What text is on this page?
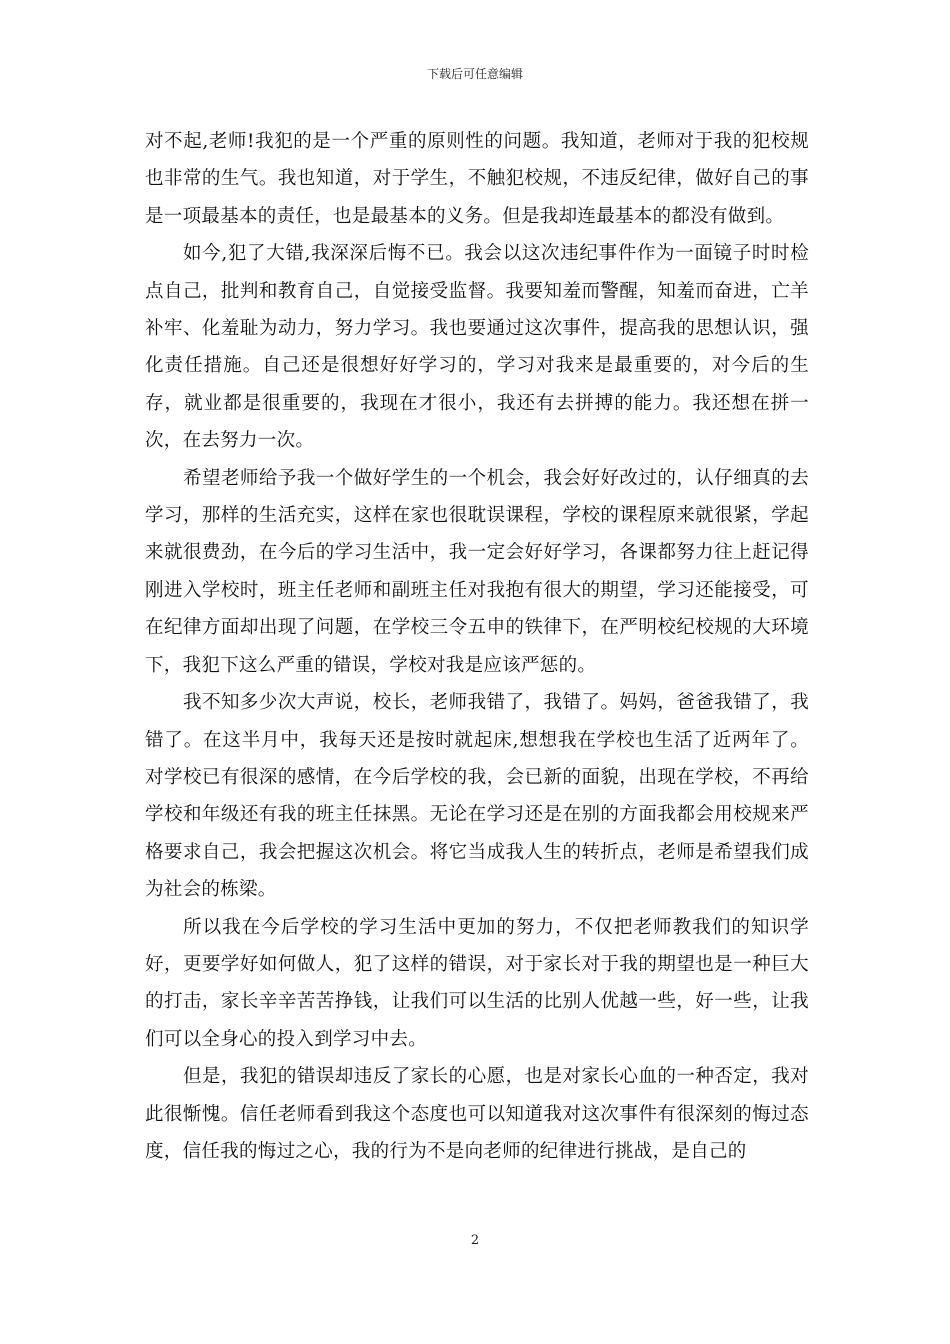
下载后可任意编辑

对不起,老师!我犯的是一个严重的原则性的问题。我知道，老师对于我的犯校规也非常的生气。我也知道，对于学生，不触犯校规，不违反纪律，做好自己的事是一项最基本的责任，也是最基本的义务。但是我却连最基本的都没有做到。

如今,犯了大错,我深深后悔不已。我会以这次违纪事件作为一面镜子时时检点自己，批判和教育自己，自觉接受监督。我要知羞而警醒，知羞而奋进，亡羊补牢、化羞耻为动力，努力学习。我也要通过这次事件，提高我的思想认识，强化责任措施。自己还是很想好好学习的，学习对我来是最重要的，对今后的生存，就业都是很重要的，我现在才很小，我还有去拼搏的能力。我还想在拼一次，在去努力一次。

希望老师给予我一个做好学生的一个机会，我会好好改过的，认仔细真的去学习，那样的生活充实，这样在家也很耽误课程，学校的课程原来就很紧，学起来就很费劲，在今后的学习生活中，我一定会好好学习，各课都努力往上赶记得刚进入学校时，班主任老师和副班主任对我抱有很大的期望，学习还能接受，可在纪律方面却出现了问题，在学校三令五申的铁律下，在严明校纪校规的大环境下，我犯下这么严重的错误，学校对我是应该严惩的。

我不知多少次大声说，校长，老师我错了，我错了。妈妈，爸爸我错了，我错了。在这半月中，我每天还是按时就起床,想想我在学校也生活了近两年了。对学校已有很深的感情，在今后学校的我，会已新的面貌，出现在学校，不再给学校和年级还有我的班主任抹黑。无论在学习还是在别的方面我都会用校规来严格要求自己，我会把握这次机会。将它当成我人生的转折点，老师是希望我们成为社会的栋梁。

所以我在今后学校的学习生活中更加的努力，不仅把老师教我们的知识学好，更要学好如何做人，犯了这样的错误，对于家长对于我的期望也是一种巨大的打击，家长辛辛苦苦挣钱，让我们可以生活的比别人优越一些，好一些，让我们可以全身心的投入到学习中去。

但是，我犯的错误却违反了家长的心愿，也是对家长心血的一种否定，我对此很惭愧。信任老师看到我这个态度也可以知道我对这次事件有很深刻的悔过态度，信任我的悔过之心，我的行为不是向老师的纪律进行挑战，是自己的

2
